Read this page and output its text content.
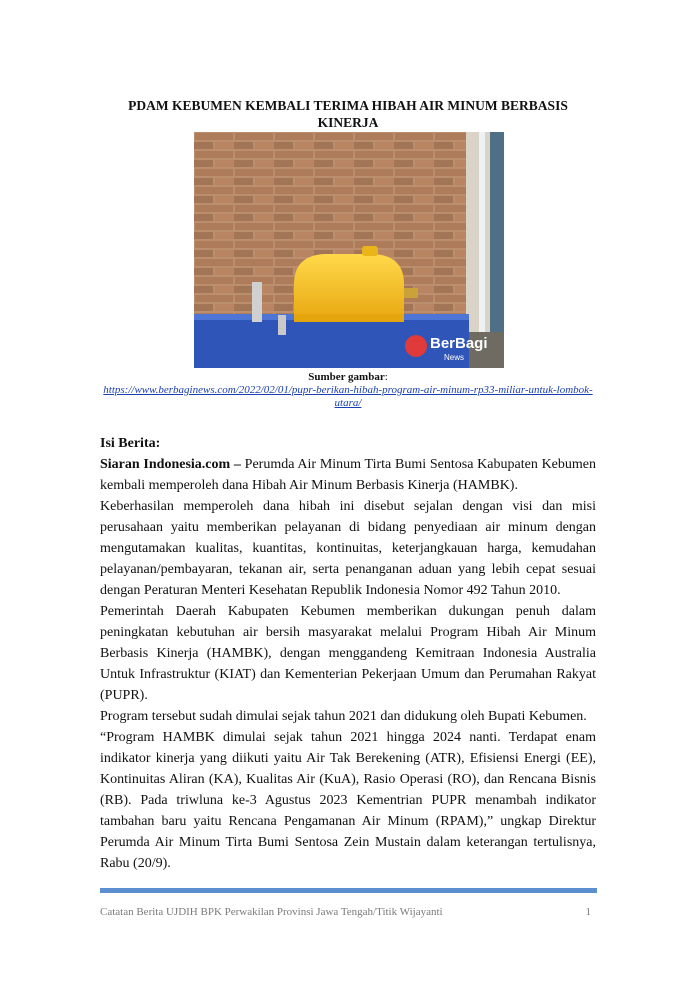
PDAM KEBUMEN KEMBALI TERIMA HIBAH AIR MINUM BERBASIS KINERJA
BerBagi
News
Sumber gambar:
https://www.berbaginews.com/2022/02/01/pupr-berikan-hibah-program-air-minum-rp33-miliar-untuk-lombok-utara/
Isi Berita:

Siaran Indonesia.com – Perumda Air Minum Tirta Bumi Sentosa Kabupaten Kebumen kembali memperoleh dana Hibah Air Minum Berbasis Kinerja (HAMBK).

Keberhasilan memperoleh dana hibah ini disebut sejalan dengan visi dan misi perusahaan yaitu memberikan pelayanan di bidang penyediaan air minum dengan mengutamakan kualitas, kuantitas, kontinuitas, keterjangkauan harga, kemudahan pelayanan/pembayaran, tekanan air, serta penanganan aduan yang lebih cepat sesuai dengan Peraturan Menteri Kesehatan Republik Indonesia Nomor 492 Tahun 2010.

Pemerintah Daerah Kabupaten Kebumen memberikan dukungan penuh dalam peningkatan kebutuhan air bersih masyarakat melalui Program Hibah Air Minum Berbasis Kinerja (HAMBK), dengan menggandeng Kemitraan Indonesia Australia Untuk Infrastruktur (KIAT) dan Kementerian Pekerjaan Umum dan Perumahan Rakyat (PUPR).

Program tersebut sudah dimulai sejak tahun 2021 dan didukung oleh Bupati Kebumen.

“Program HAMBK dimulai sejak tahun 2021 hingga 2024 nanti. Terdapat enam indikator kinerja yang diikuti yaitu Air Tak Berekening (ATR), Efisiensi Energi (EE), Kontinuitas Aliran (KA), Kualitas Air (KuA), Rasio Operasi (RO), dan Rencana Bisnis (RB). Pada triwluna ke-3 Agustus 2023 Kementrian PUPR menambah indikator tambahan baru yaitu Rencana Pengamanan Air Minum (RPAM),” ungkap Direktur Perumda Air Minum Tirta Bumi Sentosa Zein Mustain dalam keterangan tertulisnya, Rabu (20/9).

Catatan Berita UJDIH BPK Perwakilan Provinsi Jawa Tengah/Titik Wijayanti	1
